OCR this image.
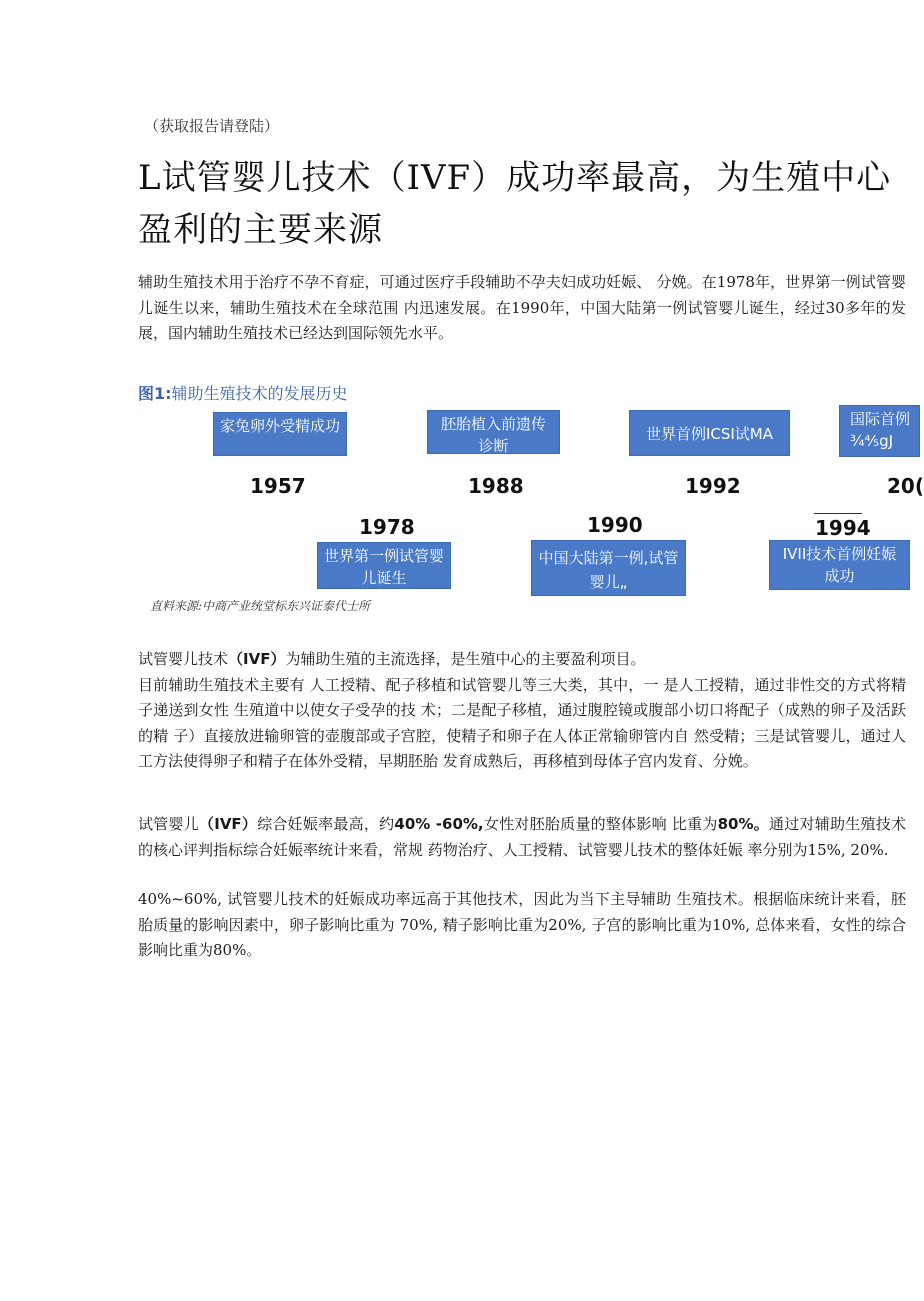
（获取报告请登陆）
L试管婴儿技术（IVF）成功率最高，为生殖中心盈利的主要来源
辅助生殖技术用于治疗不孕不育症，可通过医疗手段辅助不孕夫妇成功妊娠、 分娩。在1978年，世界第一例试管婴儿诞生以来，辅助生殖技术在全球范围 内迅速发展。在1990年，中国大陆第一例试管婴儿诞生，经过30多年的发 展，国内辅助生殖技术已经达到国际领先水平。
图1:辅助生殖技术的发展历史
家兔卵外受精成功	胚胎植入前遗传诊断
世界首例ICSI试MA
国际首例¾⅘gJ
1957	1988	1992	20(
1978	1990	1994
世界第一例试管婴儿诞生
中国大陆第一例,试管婴儿„
IVII技术首例妊娠成功
直料来源:中商产业统堂标东兴证泰代士所
试管婴儿技术（IVF）为辅助生殖的主流选择，是生殖中心的主要盈利项目。
目前辅助生殖技术主要有 人工授精、配子移植和试管婴儿等三大类，其中，一 是人工授精，通过非性交的方式将精子递送到女性 生殖道中以使女子受孕的技 术；二是配子移植，通过腹腔镜或腹部小切口将配子（成熟的卵子及活跃的精 子）直接放进输卵管的壶腹部或子宫腔，使精子和卵子在人体正常输卵管内自 然受精；三是试管婴儿，通过人工方法使得卵子和精子在体外受精，早期胚胎 发育成熟后，再移植到母体子宫内发育、分娩。
试管婴儿（IVF）综合妊娠率最高，约40% -60%,女性对胚胎质量的整体影响 比重为80%。通过对辅助生殖技术的核心评判指标综合妊娠率统计来看，常规 药物治疗、人工授精、试管婴儿技术的整体妊娠 率分别为15%, 20%.
40%~60%, 试管婴儿技术的妊娠成功率远高于其他技术，因此为当下主导辅助 生殖技术。根据临床统计来看，胚胎质量的影响因素中，卵子影响比重为 70%, 精子影响比重为20%, 子宫的影响比重为10%, 总体来看，女性的综合 影响比重为80%。
